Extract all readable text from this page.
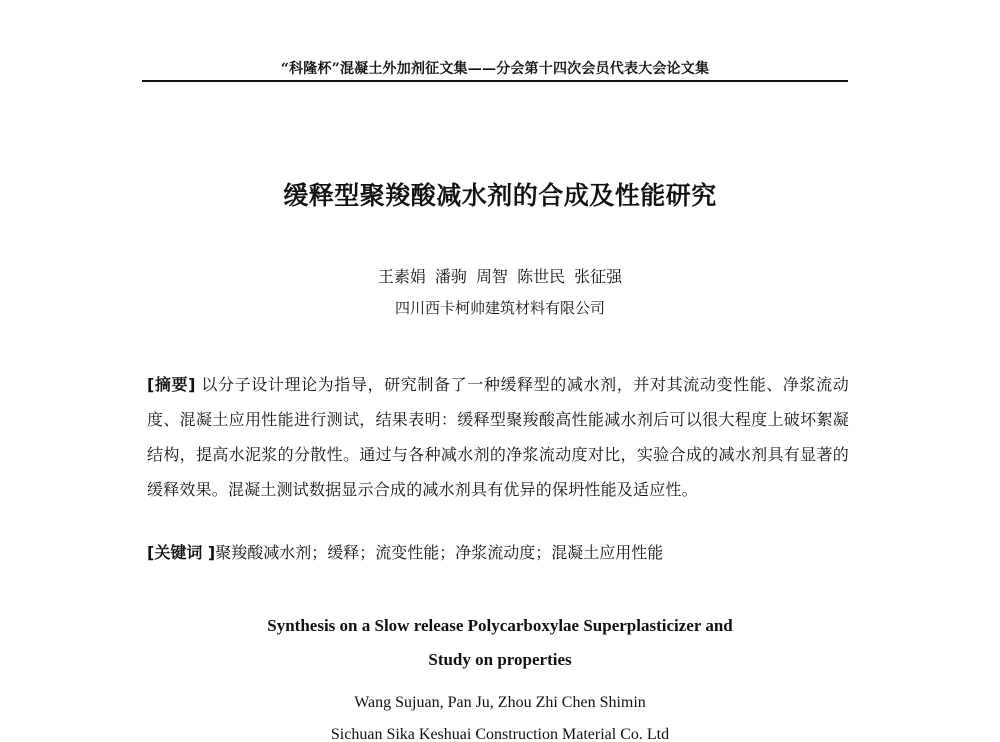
“科隆杯”混凝土外加剂征文集——分会第十四次会员代表大会论文集
缓释型聚羧酸减水剂的合成及性能研究
王素娟 潘驹 周智 陈世民 张征强
四川西卡柯帅建筑材料有限公司
[摘要] 以分子设计理论为指导，研究制备了一种缓释型的减水剂，并对其流动变性能、净浆流动度、混凝土应用性能进行测试，结果表明：缓释型聚羧酸高性能减水剂后可以很大程度上破坏絮凝结构，提高水泥浆的分散性。通过与各种减水剂的净浆流动度对比，实验合成的减水剂具有显著的缓释效果。混凝土测试数据显示合成的减水剂具有优异的保坍性能及适应性。
[关键词 ]聚羧酸减水剂；缓释；流变性能；净浆流动度；混凝土应用性能
Synthesis on a Slow release Polycarboxylae Superplasticizer and
Study on properties
Wang Sujuan, Pan Ju, Zhou Zhi Chen Shimin
Sichuan Sika Keshuai Construction Material Co. Ltd
